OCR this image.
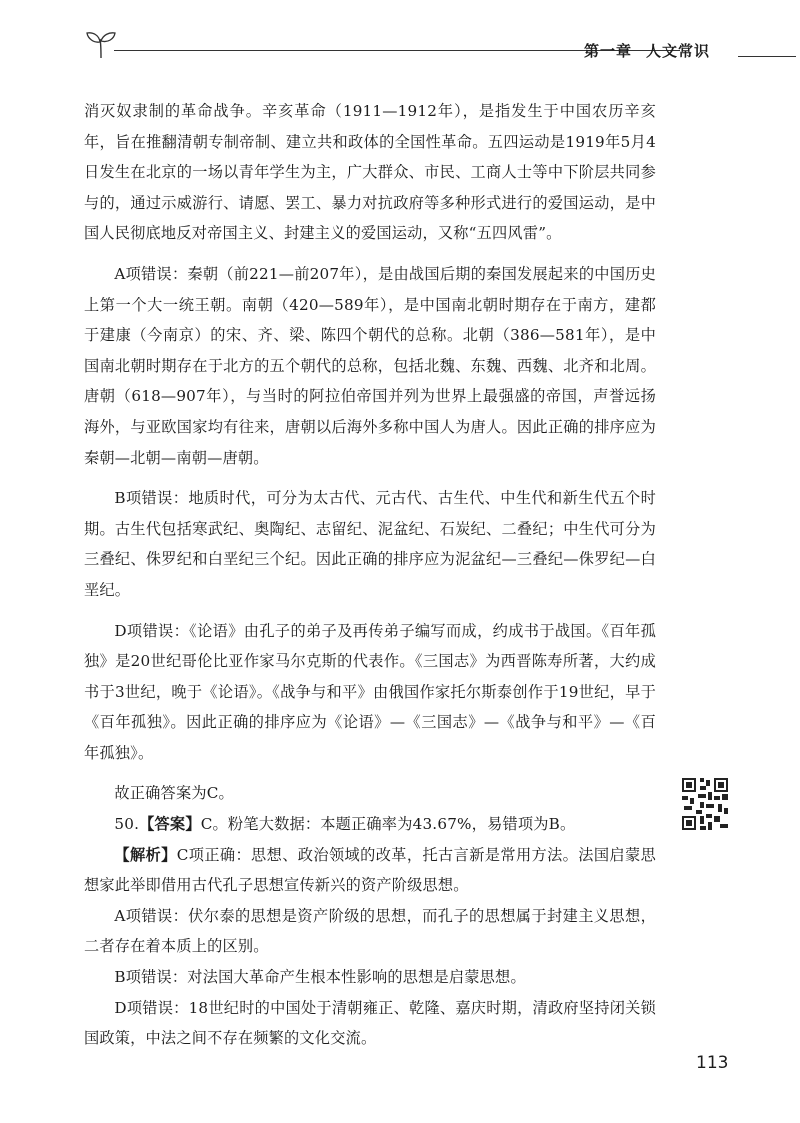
第一章 人文常识

消灭奴隶制的革命战争。辛亥革命（1911—1912年），是指发生于中国农历辛亥年，旨在推翻清朝专制帝制、建立共和政体的全国性革命。五四运动是1919年5月4日发生在北京的一场以青年学生为主，广大群众、市民、工商人士等中下阶层共同参与的，通过示威游行、请愿、罢工、暴力对抗政府等多种形式进行的爱国运动，是中国人民彻底地反对帝国主义、封建主义的爱国运动，又称“五四风雷”。

A项错误：秦朝（前221—前207年），是由战国后期的秦国发展起来的中国历史上第一个大一统王朝。南朝（420—589年），是中国南北朝时期存在于南方，建都于建康（今南京）的宋、齐、梁、陈四个朝代的总称。北朝（386—581年），是中国南北朝时期存在于北方的五个朝代的总称，包括北魏、东魏、西魏、北齐和北周。唐朝（618—907年），与当时的阿拉伯帝国并列为世界上最强盛的帝国，声誉远扬海外，与亚欧国家均有往来，唐朝以后海外多称中国人为唐人。因此正确的排序应为秦朝—北朝—南朝—唐朝。

B项错误：地质时代，可分为太古代、元古代、古生代、中生代和新生代五个时期。古生代包括寒武纪、奥陶纪、志留纪、泥盆纪、石炭纪、二叠纪；中生代可分为三叠纪、侏罗纪和白垩纪三个纪。因此正确的排序应为泥盆纪—三叠纪—侏罗纪—白垩纪。

D项错误：《论语》由孔子的弟子及再传弟子编写而成，约成书于战国。《百年孤独》是20世纪哥伦比亚作家马尔克斯的代表作。《三国志》为西晋陈寿所著，大约成书于3世纪，晚于《论语》。《战争与和平》由俄国作家托尔斯泰创作于19世纪，早于《百年孤独》。因此正确的排序应为《论语》—《三国志》—《战争与和平》—《百年孤独》。

故正确答案为C。

50.【答案】C。粉笔大数据：本题正确率为43.67%，易错项为B。

【解析】C项正确：思想、政治领域的改革，托古言新是常用方法。法国启蒙思想家此举即借用古代孔子思想宣传新兴的资产阶级思想。

A项错误：伏尔泰的思想是资产阶级的思想，而孔子的思想属于封建主义思想，二者存在着本质上的区别。

B项错误：对法国大革命产生根本性影响的思想是启蒙思想。

D项错误：18世纪时的中国处于清朝雍正、乾隆、嘉庆时期，清政府坚持闭关锁国政策，中法之间不存在频繁的文化交流。

113
